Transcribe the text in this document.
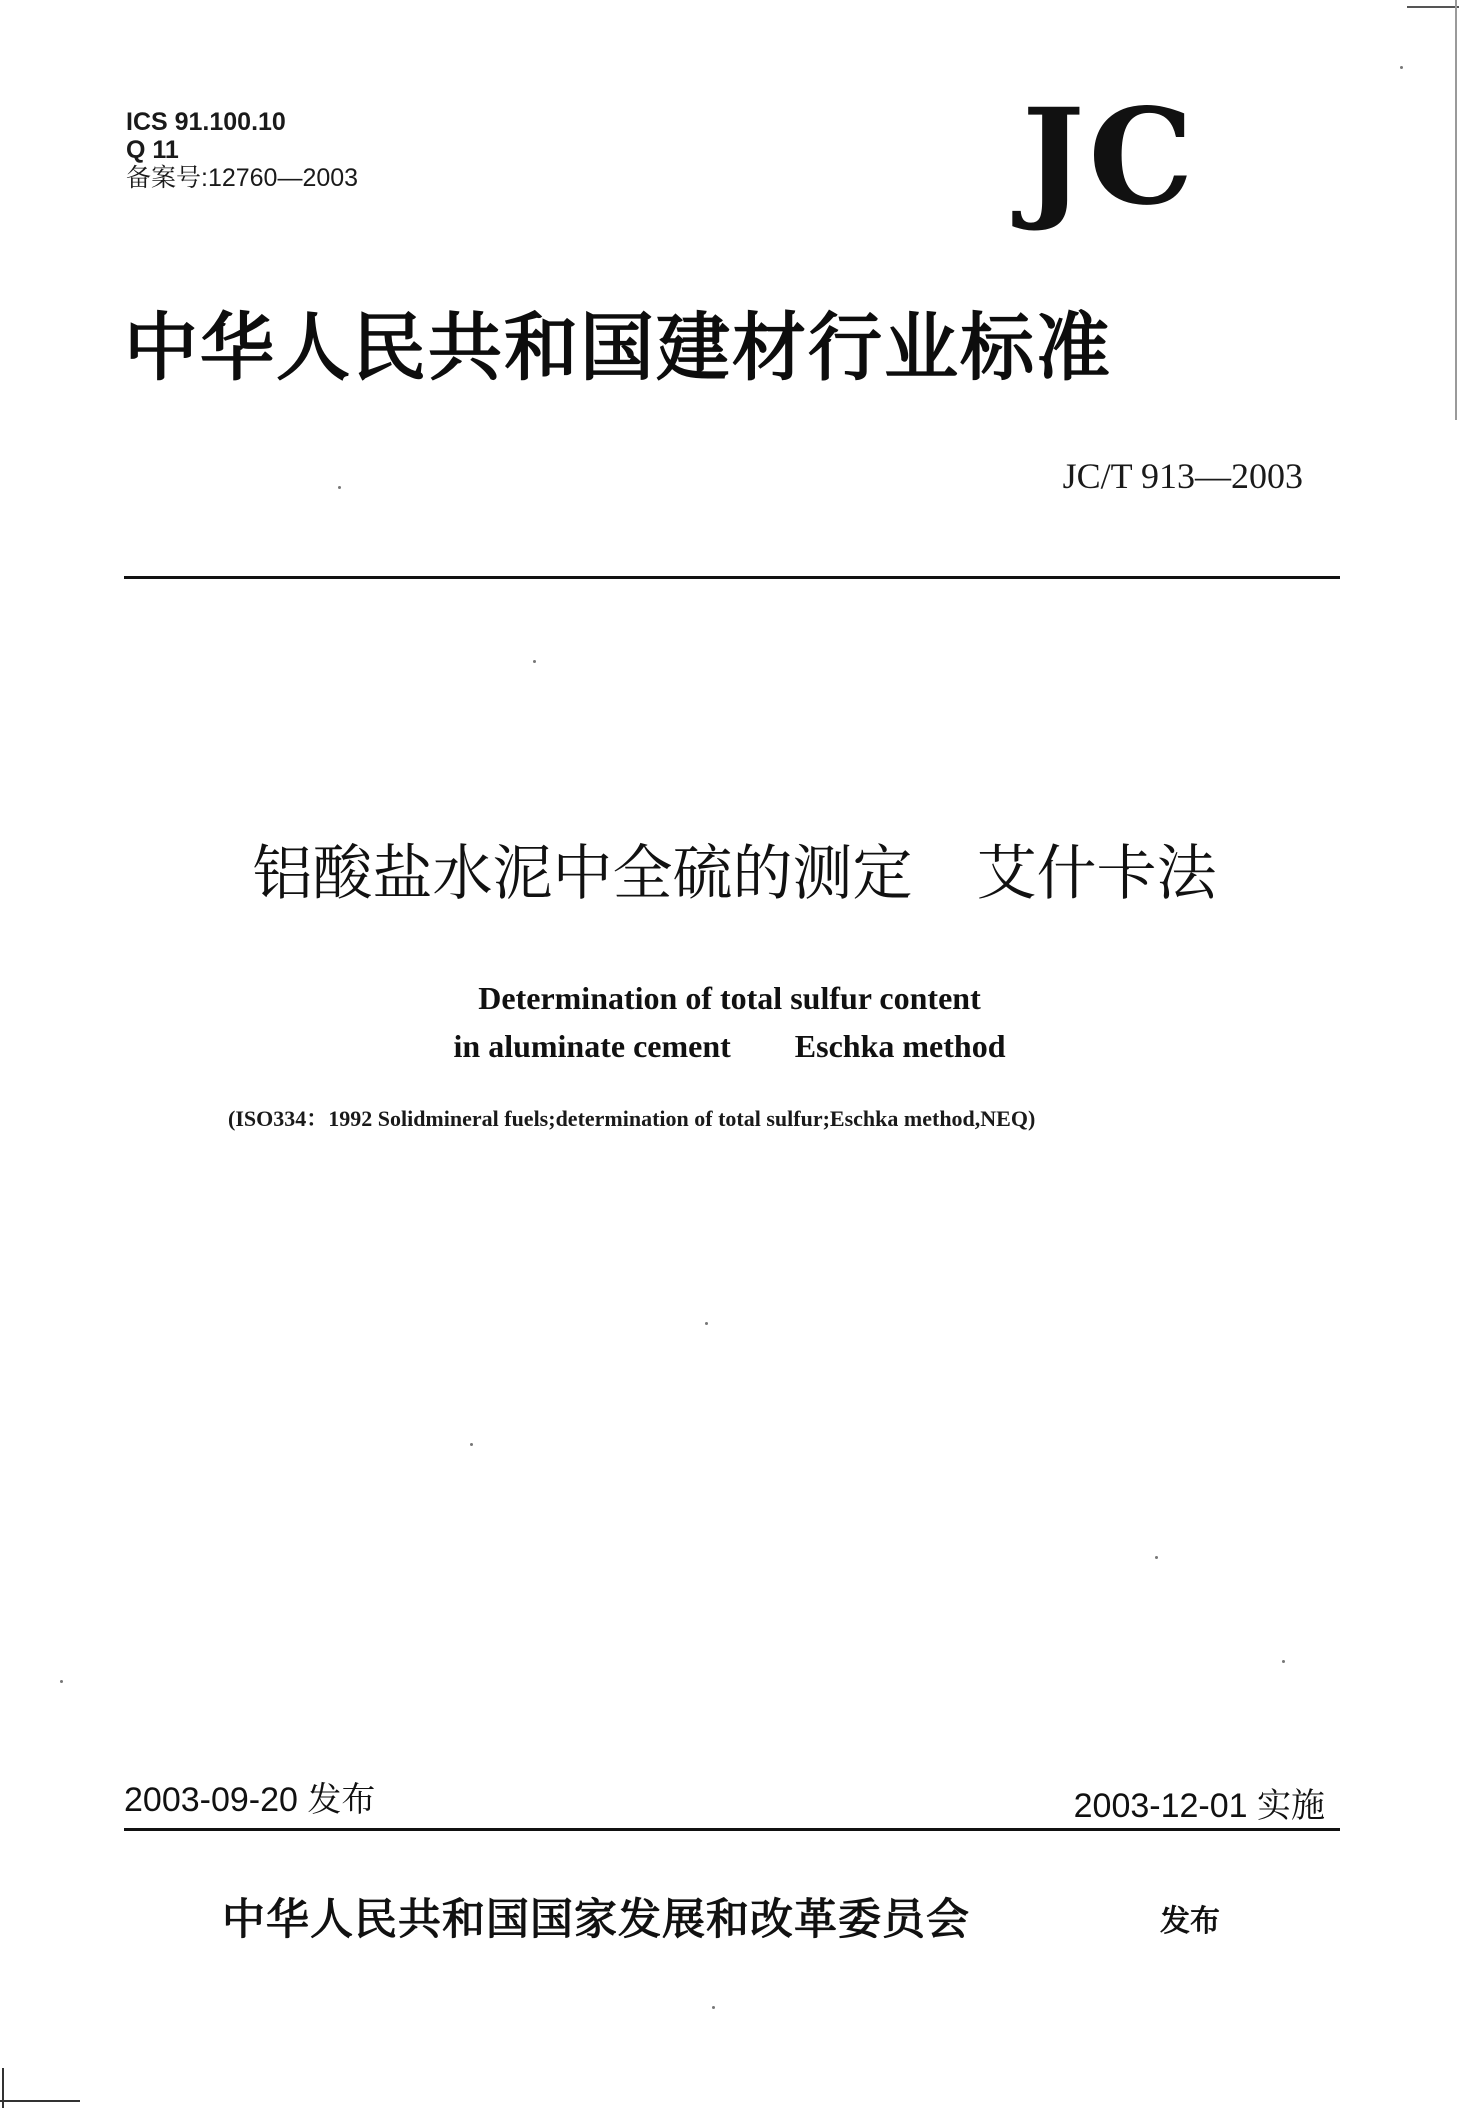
ICS 91.100.10
Q 11
备案号:12760—2003	JC
中华人民共和国建材行业标准
JC/T 913—2003
铝酸盐水泥中全硫的测定 艾什卡法
Determination of total sulfur content
in aluminate cement Eschka method
(ISO334：1992 Solidmineral fuels;determination of total sulfur;Eschka method,NEQ)
2003-09-20 发布	2003-12-01 实施
中华人民共和国国家发展和改革委员会	发布
